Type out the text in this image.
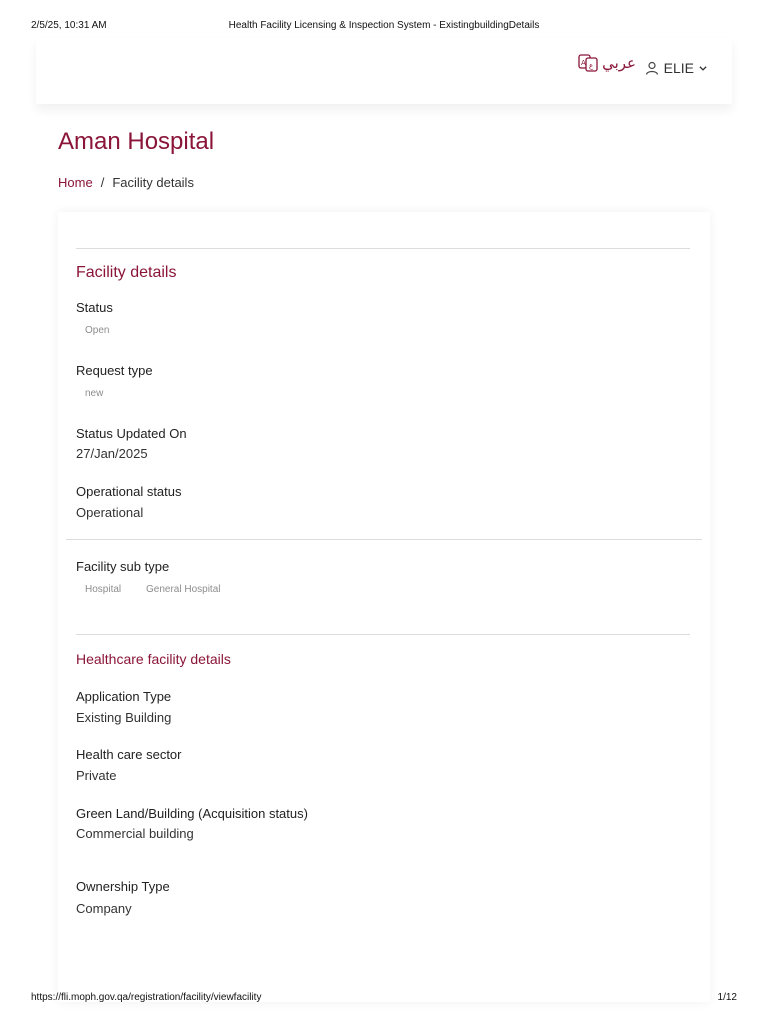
2/5/25, 10:31 AM	Health Facility Licensing & Inspection System - ExistingbuildingDetails
A ع عربي ELIE
Aman Hospital
Home / Facility details
Facility details
Status
Open
Request type
new
Status Updated On
27/Jan/2025
Operational status
Operational
Facility sub type
Hospital General Hospital
Healthcare facility details
Application Type
Existing Building
Health care sector
Private
Green Land/Building (Acquisition status)
Commercial building
Ownership Type
Company
https://fli.moph.gov.qa/registration/facility/viewfacility	1/12
